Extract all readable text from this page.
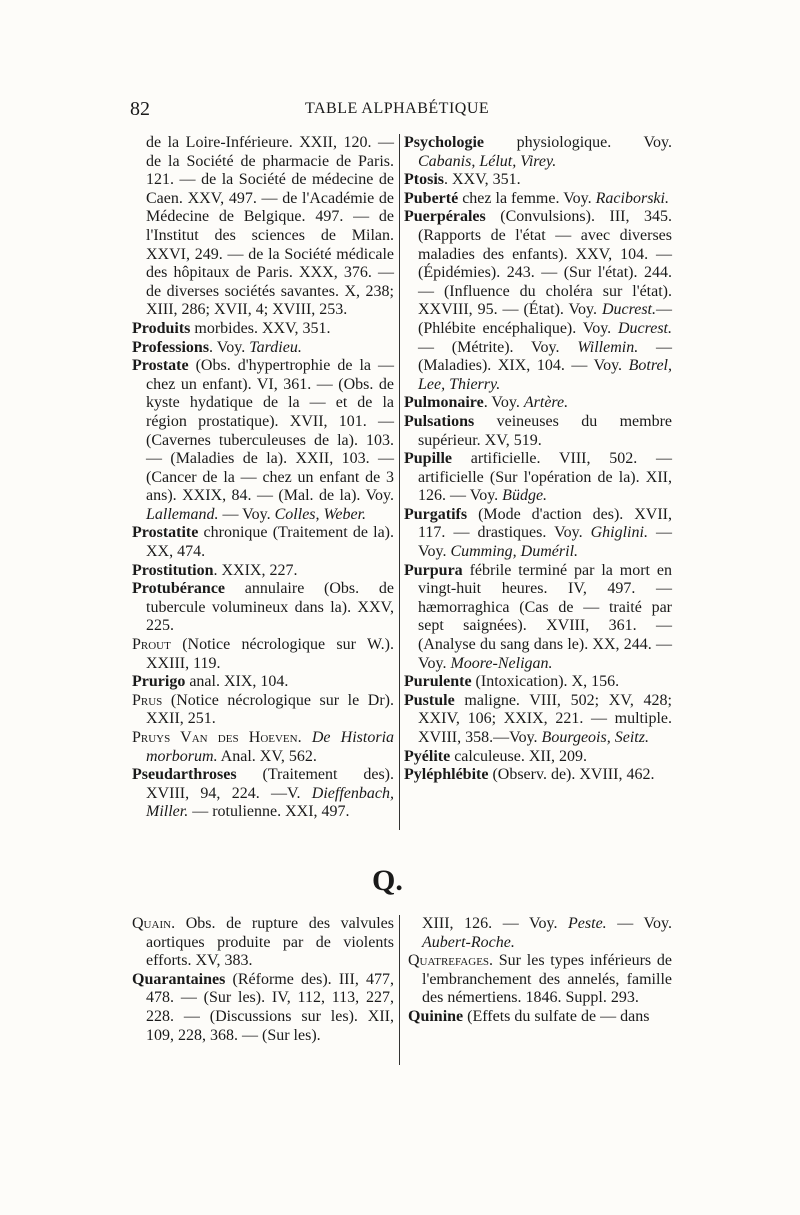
82	TABLE ALPHABÉTIQUE

de la Loire-Inférieure. XXII, 120. — de la Société de pharmacie de Paris. 121. — de la Société de médecine de Caen. XXV, 497. — de l'Académie de Médecine de Belgique. 497. — de l'Institut des sciences de Milan. XXVI, 249. — de la Société médicale des hôpitaux de Paris. XXX, 376. — de diverses sociétés savantes. X, 238; XIII, 286; XVII, 4; XVIII, 253.

Produits morbides. XXV, 351.

Professions. Voy. Tardieu.

Prostate (Obs. d'hypertrophie de la — chez un enfant). VI, 361. — (Obs. de kyste hydatique de la — et de la région prostatique). XVII, 101. — (Cavernes tuberculeuses de la). 103. — (Maladies de la). XXII, 103. — (Cancer de la — chez un enfant de 3 ans). XXIX, 84. — (Mal. de la). Voy. Lallemand. — Voy. Colles, Weber.

Prostatite chronique (Traitement de la). XX, 474.

Prostitution. XXIX, 227.

Protubérance annulaire (Obs. de tubercule volumineux dans la). XXV, 225.

Prout (Notice nécrologique sur W.). XXIII, 119.

Prurigo anal. XIX, 104.

Prus (Notice nécrologique sur le Dr). XXII, 251.

Pruys Van des Hoeven. De Historia morborum. Anal. XV, 562.

Pseudarthroses (Traitement des). XVIII, 94, 224. —V. Dieffenbach, Miller. — rotulienne. XXI, 497.

Psychologie physiologique. Voy. Cabanis, Lélut, Virey.

Ptosis. XXV, 351.

Puberté chez la femme. Voy. Raciborski.

Puerpérales (Convulsions). III, 345. (Rapports de l'état — avec diverses maladies des enfants). XXV, 104. — (Épidémies). 243. — (Sur l'état). 244. — (Influence du choléra sur l'état). XXVIII, 95. — (État). Voy. Ducrest.—(Phlébite encéphalique). Voy. Ducrest. — (Métrite). Voy. Willemin. — (Maladies). XIX, 104. — Voy. Botrel, Lee, Thierry.

Pulmonaire. Voy. Artère.

Pulsations veineuses du membre supérieur. XV, 519.

Pupille artificielle. VIII, 502. — artificielle (Sur l'opération de la). XII, 126. — Voy. Büdge.

Purgatifs (Mode d'action des). XVII, 117. — drastiques. Voy. Ghiglini. — Voy. Cumming, Duméril.

Purpura fébrile terminé par la mort en vingt-huit heures. IV, 497. — hæmorraghica (Cas de — traité par sept saignées). XVIII, 361. — (Analyse du sang dans le). XX, 244. — Voy. Moore-Neligan.

Purulente (Intoxication). X, 156.

Pustule maligne. VIII, 502; XV, 428; XXIV, 106; XXIX, 221. — multiple. XVIII, 358.—Voy. Bourgeois, Seitz.

Pyélite calculeuse. XII, 209.

Pyléphlébite (Observ. de). XVIII, 462.

Q.

Quain. Obs. de rupture des valvules aortiques produite par de violents efforts. XV, 383.

Quarantaines (Réforme des). III, 477, 478. — (Sur les). IV, 112, 113, 227, 228. — (Discussions sur les). XII, 109, 228, 368. — (Sur les).

XIII, 126. — Voy. Peste. — Voy. Aubert-Roche.

Quatrefages. Sur les types inférieurs de l'embranchement des annelés, famille des némertiens. 1846. Suppl. 293.

Quinine (Effets du sulfate de — dans
